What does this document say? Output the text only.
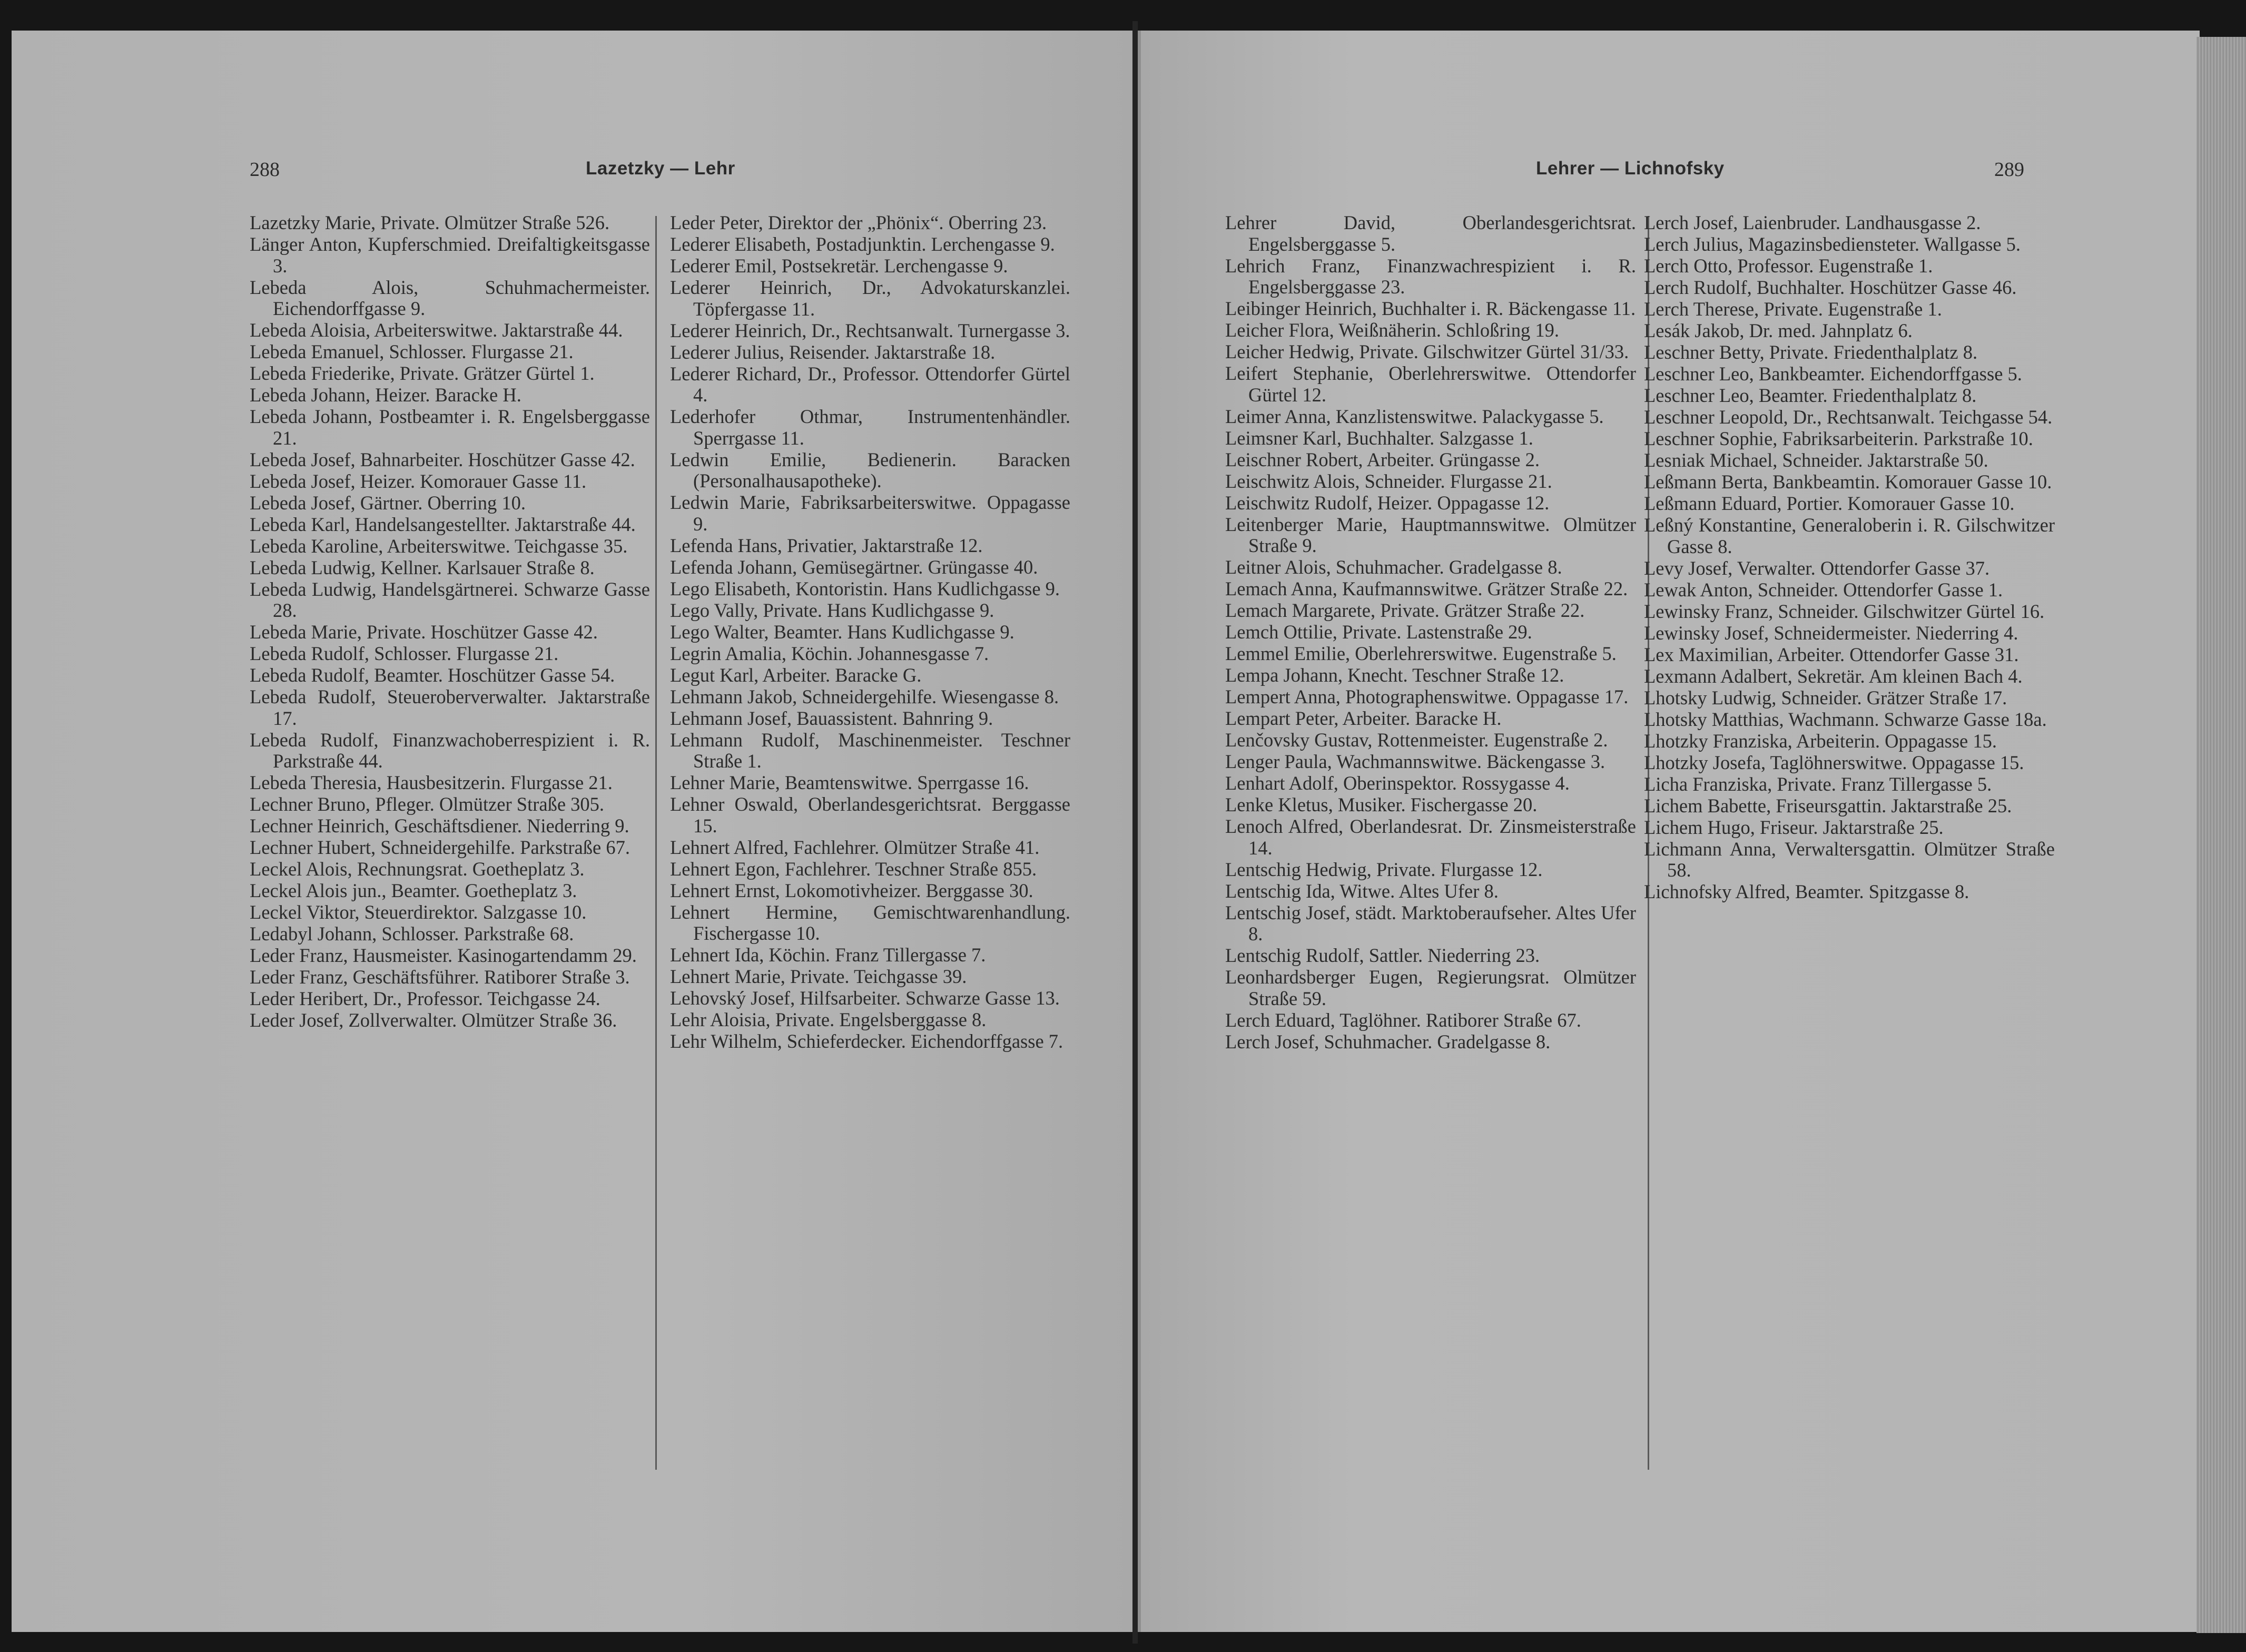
288	Lazetzky — Lehr
Lazetzky Marie, Private. Olmützer Straße 526.
Länger Anton, Kupferschmied. Dreifaltigkeitsgasse 3.
Lebeda Alois, Schuhmachermeister. Eichendorffgasse 9.
Lebeda Aloisia, Arbeiterswitwe. Jaktarstraße 44.
Lebeda Emanuel, Schlosser. Flurgasse 21.
Lebeda Friederike, Private. Grätzer Gürtel 1.
Lebeda Johann, Heizer. Baracke H.
Lebeda Johann, Postbeamter i. R. Engelsberggasse 21.
Lebeda Josef, Bahnarbeiter. Hoschützer Gasse 42.
Lebeda Josef, Heizer. Komorauer Gasse 11.
Lebeda Josef, Gärtner. Oberring 10.
Lebeda Karl, Handelsangestellter. Jaktarstraße 44.
Lebeda Karoline, Arbeiterswitwe. Teichgasse 35.
Lebeda Ludwig, Kellner. Karlsauer Straße 8.
Lebeda Ludwig, Handelsgärtnerei. Schwarze Gasse 28.
Lebeda Marie, Private. Hoschützer Gasse 42.
Lebeda Rudolf, Schlosser. Flurgasse 21.
Lebeda Rudolf, Beamter. Hoschützer Gasse 54.
Lebeda Rudolf, Steueroberverwalter. Jaktarstraße 17.
Lebeda Rudolf, Finanzwachoberrespizient i. R. Parkstraße 44.
Lebeda Theresia, Hausbesitzerin. Flurgasse 21.
Lechner Bruno, Pfleger. Olmützer Straße 305.
Lechner Heinrich, Geschäftsdiener. Niederring 9.
Lechner Hubert, Schneidergehilfe. Parkstraße 67.
Leckel Alois, Rechnungsrat. Goetheplatz 3.
Leckel Alois jun., Beamter. Goetheplatz 3.
Leckel Viktor, Steuerdirektor. Salzgasse 10.
Ledabyl Johann, Schlosser. Parkstraße 68.
Leder Franz, Hausmeister. Kasinogartendamm 29.
Leder Franz, Geschäftsführer. Ratiborer Straße 3.
Leder Heribert, Dr., Professor. Teichgasse 24.
Leder Josef, Zollverwalter. Olmützer Straße 36.
Leder Peter, Direktor der „Phönix“. Oberring 23.
Lederer Elisabeth, Postadjunktin. Lerchengasse 9.
Lederer Emil, Postsekretär. Lerchengasse 9.
Lederer Heinrich, Dr., Advokaturskanzlei. Töpfergasse 11.
Lederer Heinrich, Dr., Rechtsanwalt. Turnergasse 3.
Lederer Julius, Reisender. Jaktarstraße 18.
Lederer Richard, Dr., Professor. Ottendorfer Gürtel 4.
Lederhofer Othmar, Instrumentenhändler. Sperrgasse 11.
Ledwin Emilie, Bedienerin. Baracken (Personalhausapotheke).
Ledwin Marie, Fabriksarbeiterswitwe. Oppagasse 9.
Lefenda Hans, Privatier, Jaktarstraße 12.
Lefenda Johann, Gemüsegärtner. Grüngasse 40.
Lego Elisabeth, Kontoristin. Hans Kudlichgasse 9.
Lego Vally, Private. Hans Kudlichgasse 9.
Lego Walter, Beamter. Hans Kudlichgasse 9.
Legrin Amalia, Köchin. Johannesgasse 7.
Legut Karl, Arbeiter. Baracke G.
Lehmann Jakob, Schneidergehilfe. Wiesengasse 8.
Lehmann Josef, Bauassistent. Bahnring 9.
Lehmann Rudolf, Maschinenmeister. Teschner Straße 1.
Lehner Marie, Beamtenswitwe. Sperrgasse 16.
Lehner Oswald, Oberlandesgerichtsrat. Berggasse 15.
Lehnert Alfred, Fachlehrer. Olmützer Straße 41.
Lehnert Egon, Fachlehrer. Teschner Straße 855.
Lehnert Ernst, Lokomotivheizer. Berggasse 30.
Lehnert Hermine, Gemischtwarenhandlung. Fischergasse 10.
Lehnert Ida, Köchin. Franz Tillergasse 7.
Lehnert Marie, Private. Teichgasse 39.
Lehovský Josef, Hilfsarbeiter. Schwarze Gasse 13.
Lehr Aloisia, Private. Engelsberggasse 8.
Lehr Wilhelm, Schieferdecker. Eichendorffgasse 7.
Lehrer — Lichnofsky	289
Lehrer David, Oberlandesgerichtsrat. Engelsberggasse 5.
Lehrich Franz, Finanzwachrespizient i. R. Engelsberggasse 23.
Leibinger Heinrich, Buchhalter i. R. Bäckengasse 11.
Leicher Flora, Weißnäherin. Schloßring 19.
Leicher Hedwig, Private. Gilschwitzer Gürtel 31/33.
Leifert Stephanie, Oberlehrerswitwe. Ottendorfer Gürtel 12.
Leimer Anna, Kanzlistenswitwe. Palackygasse 5.
Leimsner Karl, Buchhalter. Salzgasse 1.
Leischner Robert, Arbeiter. Grüngasse 2.
Leischwitz Alois, Schneider. Flurgasse 21.
Leischwitz Rudolf, Heizer. Oppagasse 12.
Leitenberger Marie, Hauptmannswitwe. Olmützer Straße 9.
Leitner Alois, Schuhmacher. Gradelgasse 8.
Lemach Anna, Kaufmannswitwe. Grätzer Straße 22.
Lemach Margarete, Private. Grätzer Straße 22.
Lemch Ottilie, Private. Lastenstraße 29.
Lemmel Emilie, Oberlehrerswitwe. Eugenstraße 5.
Lempa Johann, Knecht. Teschner Straße 12.
Lempert Anna, Photographenswitwe. Oppagasse 17.
Lempart Peter, Arbeiter. Baracke H.
Lenčovsky Gustav, Rottenmeister. Eugenstraße 2.
Lenger Paula, Wachmannswitwe. Bäckengasse 3.
Lenhart Adolf, Oberinspektor. Rossygasse 4.
Lenke Kletus, Musiker. Fischergasse 20.
Lenoch Alfred, Oberlandesrat. Dr. Zinsmeisterstraße 14.
Lentschig Hedwig, Private. Flurgasse 12.
Lentschig Ida, Witwe. Altes Ufer 8.
Lentschig Josef, städt. Marktoberaufseher. Altes Ufer 8.
Lentschig Rudolf, Sattler. Niederring 23.
Leonhardsberger Eugen, Regierungsrat. Olmützer Straße 59.
Lerch Eduard, Taglöhner. Ratiborer Straße 67.
Lerch Josef, Schuhmacher. Gradelgasse 8.
Lerch Josef, Laienbruder. Landhausgasse 2.
Lerch Julius, Magazinsbediensteter. Wallgasse 5.
Lerch Otto, Professor. Eugenstraße 1.
Lerch Rudolf, Buchhalter. Hoschützer Gasse 46.
Lerch Therese, Private. Eugenstraße 1.
Lesák Jakob, Dr. med. Jahnplatz 6.
Leschner Betty, Private. Friedenthalplatz 8.
Leschner Leo, Bankbeamter. Eichendorffgasse 5.
Leschner Leo, Beamter. Friedenthalplatz 8.
Leschner Leopold, Dr., Rechtsanwalt. Teichgasse 54.
Leschner Sophie, Fabriksarbeiterin. Parkstraße 10.
Lesniak Michael, Schneider. Jaktarstraße 50.
Leßmann Berta, Bankbeamtin. Komorauer Gasse 10.
Leßmann Eduard, Portier. Komorauer Gasse 10.
Leßný Konstantine, Generaloberin i. R. Gilschwitzer Gasse 8.
Levy Josef, Verwalter. Ottendorfer Gasse 37.
Lewak Anton, Schneider. Ottendorfer Gasse 1.
Lewinsky Franz, Schneider. Gilschwitzer Gürtel 16.
Lewinsky Josef, Schneidermeister. Niederring 4.
Lex Maximilian, Arbeiter. Ottendorfer Gasse 31.
Lexmann Adalbert, Sekretär. Am kleinen Bach 4.
Lhotsky Ludwig, Schneider. Grätzer Straße 17.
Lhotsky Matthias, Wachmann. Schwarze Gasse 18a.
Lhotzky Franziska, Arbeiterin. Oppagasse 15.
Lhotzky Josefa, Taglöhnerswitwe. Oppagasse 15.
Licha Franziska, Private. Franz Tillergasse 5.
Lichem Babette, Friseursgattin. Jaktarstraße 25.
Lichem Hugo, Friseur. Jaktarstraße 25.
Lichmann Anna, Verwaltersgattin. Olmützer Straße 58.
Lichnofsky Alfred, Beamter. Spitzgasse 8.
